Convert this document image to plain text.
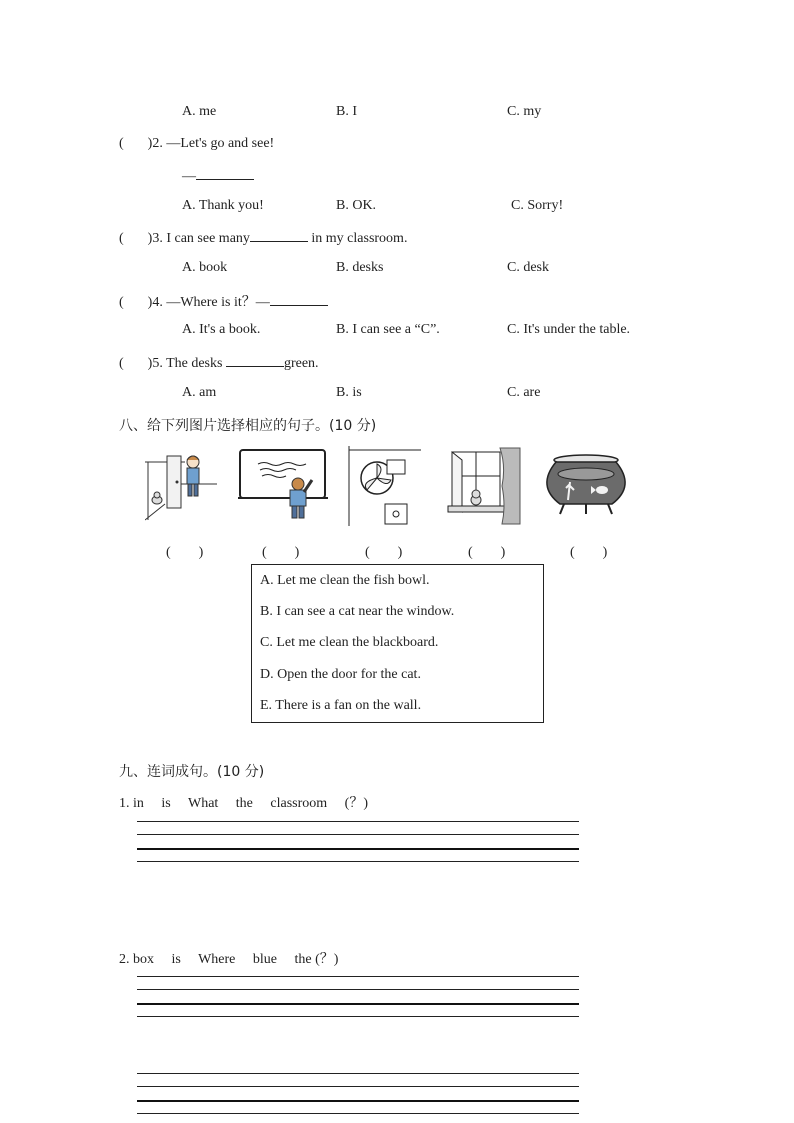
A. me	B. I	C. my
( )2. —Let's go and see!
—
A. Thank you!	B. OK.	C. Sorry!
( )3. I can see many	in my classroom.
A. book	B. desks	C. desk
( )4. —Where is it？—
A. It's a book.	B. I can see a “C”.	C. It's under the table.
( )5. The desks	green.
A. am	B. is	C. are
八、给下列图片选择相应的句子。(10 分)
(　　)	(　　)	(　　)	(　　)	(　　)
A. Let me clean the fish bowl.
B. I can see a cat near the window.
C. Let me clean the blackboard.
D. Open the door for the cat.
E. There is a fan on the wall.
九、连词成句。(10 分)
1. in　 is　 What　 the　 classroom　 (？)
2. box　 is　 Where　 blue　 the (？)
